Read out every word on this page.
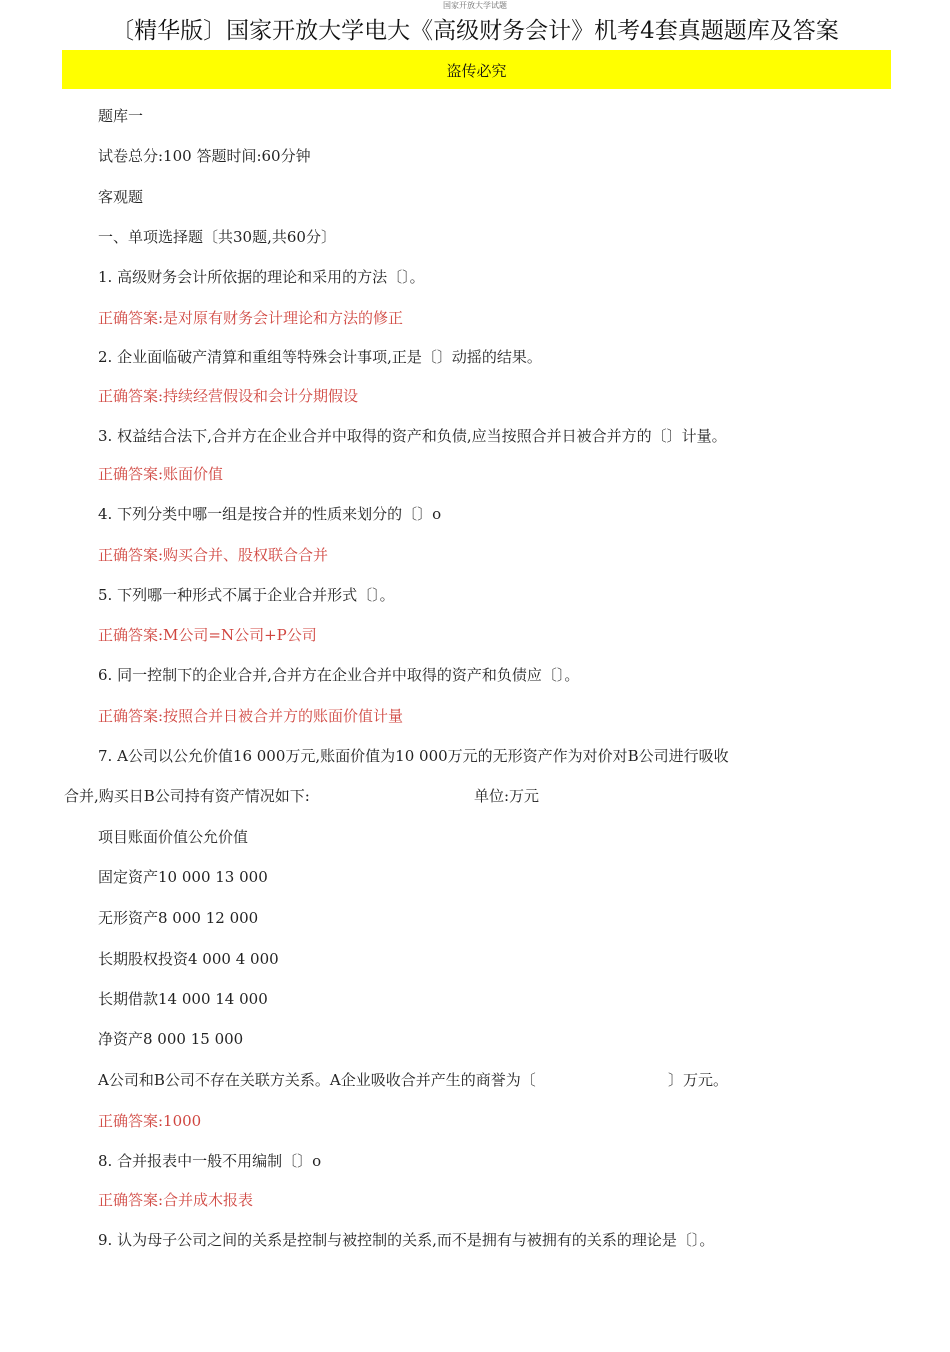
国家开放大学试题
〔精华版〕国家开放大学电大《高级财务会计》机考4套真题题库及答案
盗传必究
题库一
试卷总分:100 答题时间:60分钟
客观题
一、单项选择题〔共30题,共60分〕
1. 高级财务会计所依据的理论和采用的方法〔〕。
正确答案:是对原有财务会计理论和方法的修正
2. 企业面临破产清算和重组等特殊会计事项,正是〔〕动摇的结果。
正确答案:持续经营假设和会计分期假设
3. 权益结合法下,合并方在企业合并中取得的资产和负债,应当按照合并日被合并方的〔〕计量。
正确答案:账面价值
4. 下列分类中哪一组是按合并的性质来划分的〔〕o
正确答案:购买合并、股权联合合并
5. 下列哪一种形式不属于企业合并形式〔〕。
正确答案:M公司=N公司+P公司
6. 同一控制下的企业合并,合并方在企业合并中取得的资产和负债应〔〕。
正确答案:按照合并日被合并方的账面价值计量
7. A公司以公允价值16 000万元,账面价值为10 000万元的无形资产作为对价对B公司进行吸收
合并,购买日B公司持有资产情况如下:	单位:万元
项目账面价值公允价值
固定资产10 000 13 000
无形资产8 000 12 000
长期股权投资4 000 4 000
长期借款14 000 14 000
净资产8 000 15 000
A公司和B公司不存在关联方关系。A企业吸收合并产生的商誉为〔	〕万元。
正确答案:1000
8. 合并报表中一般不用编制〔〕o
正确答案:合并成木报表
9. 认为母子公司之间的关系是控制与被控制的关系,而不是拥有与被拥有的关系的理论是〔〕。
